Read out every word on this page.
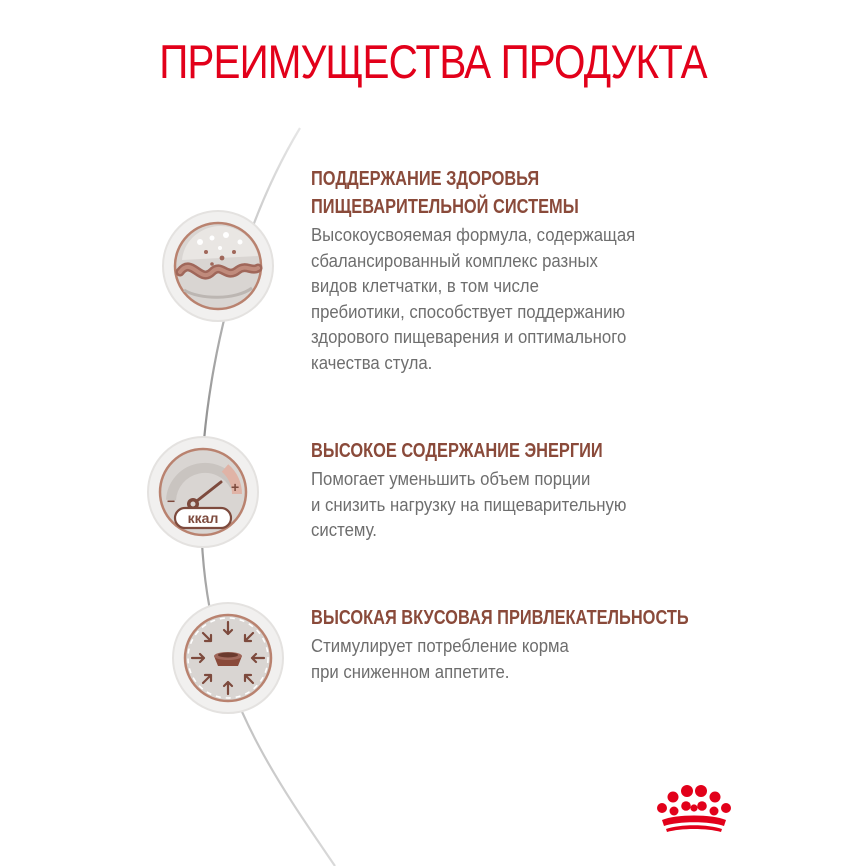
ПРЕИМУЩЕСТВА ПРОДУКТА
−
+
ккал
ПОДДЕРЖАНИЕ ЗДОРОВЬЯ
ПИЩЕВАРИТЕЛЬНОЙ СИСТЕМЫ
Высокоусвояемая формула, содержащая
сбалансированный комплекс разных
видов клетчатки, в том числе
пребиотики, способствует поддержанию
здорового пищеварения и оптимального
качества стула.
ВЫСОКОЕ СОДЕРЖАНИЕ ЭНЕРГИИ
Помогает уменьшить объем порции
и снизить нагрузку на пищеварительную
систему.
ВЫСОКАЯ ВКУСОВАЯ ПРИВЛЕКАТЕЛЬНОСТЬ
Стимулирует потребление корма
при сниженном аппетите.
